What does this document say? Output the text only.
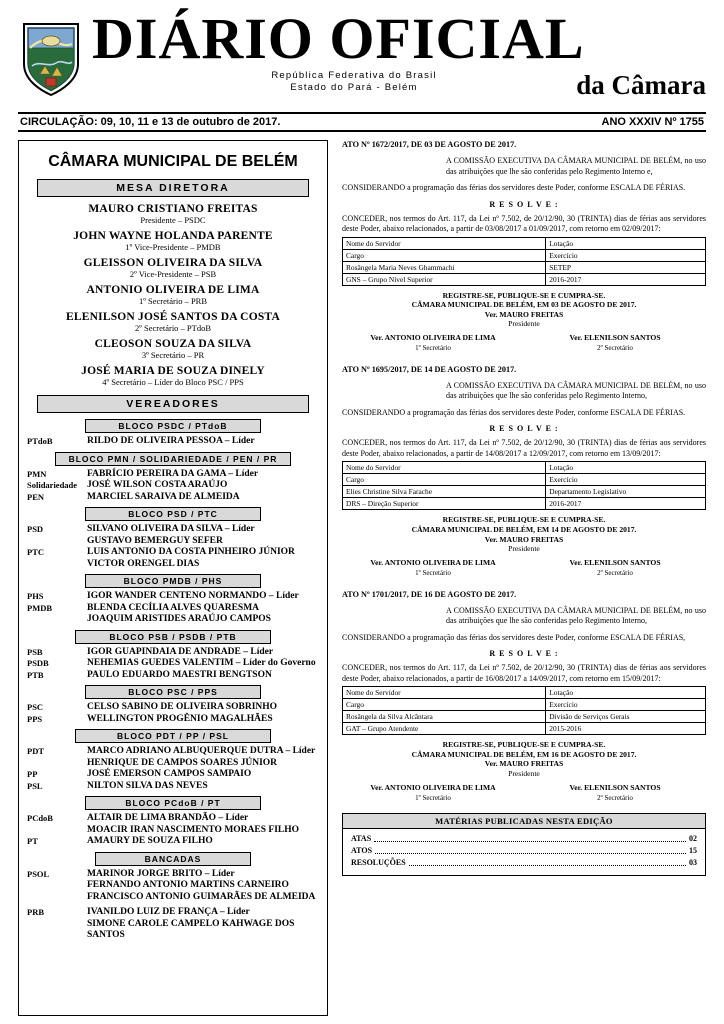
DIÁRIO OFICIAL
República Federativa do Brasil
Estado do Pará - Belém	da Câmara
CIRCULAÇÃO: 09, 10, 11 e 13 de outubro de 2017.	ANO XXXIV Nº 1755
CÂMARA MUNICIPAL DE BELÉM
MESA DIRETORA
MAURO CRISTIANO FREITAS
Presidente – PSDC
JOHN WAYNE HOLANDA PARENTE
1º Vice-Presidente – PMDB
GLEISSON OLIVEIRA DA SILVA
2º Vice-Presidente – PSB
ANTONIO OLIVEIRA DE LIMA
1º Secretário – PRB
ELENILSON JOSÉ SANTOS DA COSTA
2º Secretário – PTdoB
CLEOSON SOUZA DA SILVA
3º Secretário – PR
JOSÉ MARIA DE SOUZA DINELY
4º Secretário – Líder do Bloco PSC / PPS
VEREADORES
BLOCO PSDC / PTdoB
PTdoB	RILDO DE OLIVEIRA PESSOA – Líder
BLOCO PMN / SOLIDARIEDADE / PEN / PR
PMN	FABRÍCIO PEREIRA DA GAMA – Líder
Solidariedade	JOSÉ WILSON COSTA ARAÚJO
PEN	MARCIEL SARAIVA DE ALMEIDA
BLOCO PSD / PTC
PSD	SILVANO OLIVEIRA DA SILVA – Líder
GUSTAVO BEMERGUY SEFER
PTC	LUIS ANTONIO DA COSTA PINHEIRO JÚNIOR
VICTOR ORENGEL DIAS
BLOCO PMDB / PHS
PHS	IGOR WANDER CENTENO NORMANDO – Líder
PMDB	BLENDA CECÍLIA ALVES QUARESMA
JOAQUIM ARISTIDES ARAÚJO CAMPOS
BLOCO PSB / PSDB / PTB
PSB	IGOR GUAPINDAIA DE ANDRADE – Líder
PSDB	NEHEMIAS GUEDES VALENTIM – Líder do Governo
PTB	PAULO EDUARDO MAESTRI BENGTSON
BLOCO PSC / PPS
PSC	CELSO SABINO DE OLIVEIRA SOBRINHO
PPS	WELLINGTON PROGÊNIO MAGALHÃES
BLOCO PDT / PP / PSL
PDT	MARCO ADRIANO ALBUQUERQUE DUTRA – Líder
HENRIQUE DE CAMPOS SOARES JÚNIOR
PP	JOSÉ EMERSON CAMPOS SAMPAIO
PSL	NILTON SILVA DAS NEVES
BLOCO PCdoB / PT
PCdoB	ALTAIR DE LIMA BRANDÃO – Líder
MOACIR IRAN NASCIMENTO MORAES FILHO
PT	AMAURY DE SOUZA FILHO
BANCADAS
PSOL	MARINOR JORGE BRITO – Líder
FERNANDO ANTONIO MARTINS CARNEIRO
FRANCISCO ANTONIO GUIMARÃES DE ALMEIDA
PRB	IVANILDO LUIZ DE FRANÇA – Líder
SIMONE CAROLE CAMPELO KAHWAGE DOS SANTOS
ATO Nº 1672/2017, DE 03 DE AGOSTO DE 2017.
A COMISSÃO EXECUTIVA DA CÂMARA MUNICIPAL DE BELÉM, no uso das atribuições que lhe são conferidas pelo Regimento Interno e,
CONSIDERANDO a programação das férias dos servidores deste Poder, conforme ESCALA DE FÉRIAS.
R E S O L V E :
CONCEDER, nos termos do Art. 117, da Lei nº 7.502, de 20/12/90, 30 (TRINTA) dias de férias aos servidores deste Poder, abaixo relacionados, a partir de 03/08/2017 a 01/09/2017, com retorno em 02/09/2017:
Nome do Servidor	Lotação
Cargo	Exercício
Rosângela Maria Neves Ghammachi	SETEP
GNS – Grupo Nível Superior	2016-2017
REGISTRE-SE, PUBLIQUE-SE E CUMPRA-SE.
CÂMARA MUNICIPAL DE BELÉM, EM 03 DE AGOSTO DE 2017.
Ver. MAURO FREITAS
Presidente
Ver. ANTONIO OLIVEIRA DE LIMA
1º Secretário
Ver. ELENILSON SANTOS
2º Secretário
ATO Nº 1695/2017, DE 14 DE AGOSTO DE 2017.
A COMISSÃO EXECUTIVA DA CÂMARA MUNICIPAL DE BELÉM, no uso das atribuições que lhe são conferidas pelo Regimento Interno,
CONSIDERANDO a programação das férias dos servidores deste Poder, conforme ESCALA DE FÉRIAS.
R E S O L V E :
CONCEDER, nos termos do Art. 117, da Lei nº 7.502, de 20/12/90, 30 (TRINTA) dias de férias aos servidores deste Poder, abaixo relacionados, a partir de 14/08/2017 a 12/09/2017, com retorno em 13/09/2017:
Nome do Servidor	Lotação
Cargo	Exercício
Elies Christine Silva Farache	Departamento Legislativo
DRS – Direção Superior	2016-2017
REGISTRE-SE, PUBLIQUE-SE E CUMPRA-SE.
CÂMARA MUNICIPAL DE BELÉM, EM 14 DE AGOSTO DE 2017.
Ver. MAURO FREITAS
Presidente
Ver. ANTONIO OLIVEIRA DE LIMA
1º Secretário
Ver. ELENILSON SANTOS
2º Secretário
ATO Nº 1701/2017, DE 16 DE AGOSTO DE 2017.
A COMISSÃO EXECUTIVA DA CÂMARA MUNICIPAL DE BELÉM, no uso das atribuições que lhe são conferidas pelo Regimento Interno,
CONSIDERANDO a programação das férias dos servidores deste Poder, conforme ESCALA DE FÉRIAS,
R E S O L V E :
CONCEDER, nos termos do Art. 117, da Lei nº 7.502, de 20/12/90, 30 (TRINTA) dias de férias aos servidores deste Poder, abaixo relacionados, a partir de 16/08/2017 a 14/09/2017, com retorno em 15/09/2017:
Nome do Servidor	Lotação
Cargo	Exercício
Rosângela da Silva Alcântara	Divisão de Serviços Gerais
GAT – Grupo Atendente	2015-2016
REGISTRE-SE, PUBLIQUE-SE E CUMPRA-SE.
CÂMARA MUNICIPAL DE BELÉM, EM 16 DE AGOSTO DE 2017.
Ver. MAURO FREITAS
Presidente
Ver. ANTONIO OLIVEIRA DE LIMA
1º Secretário
Ver. ELENILSON SANTOS
2º Secretário
MATÉRIAS PUBLICADAS NESTA EDIÇÃO
ATAS	02
ATOS	15
RESOLUÇÕES	03
